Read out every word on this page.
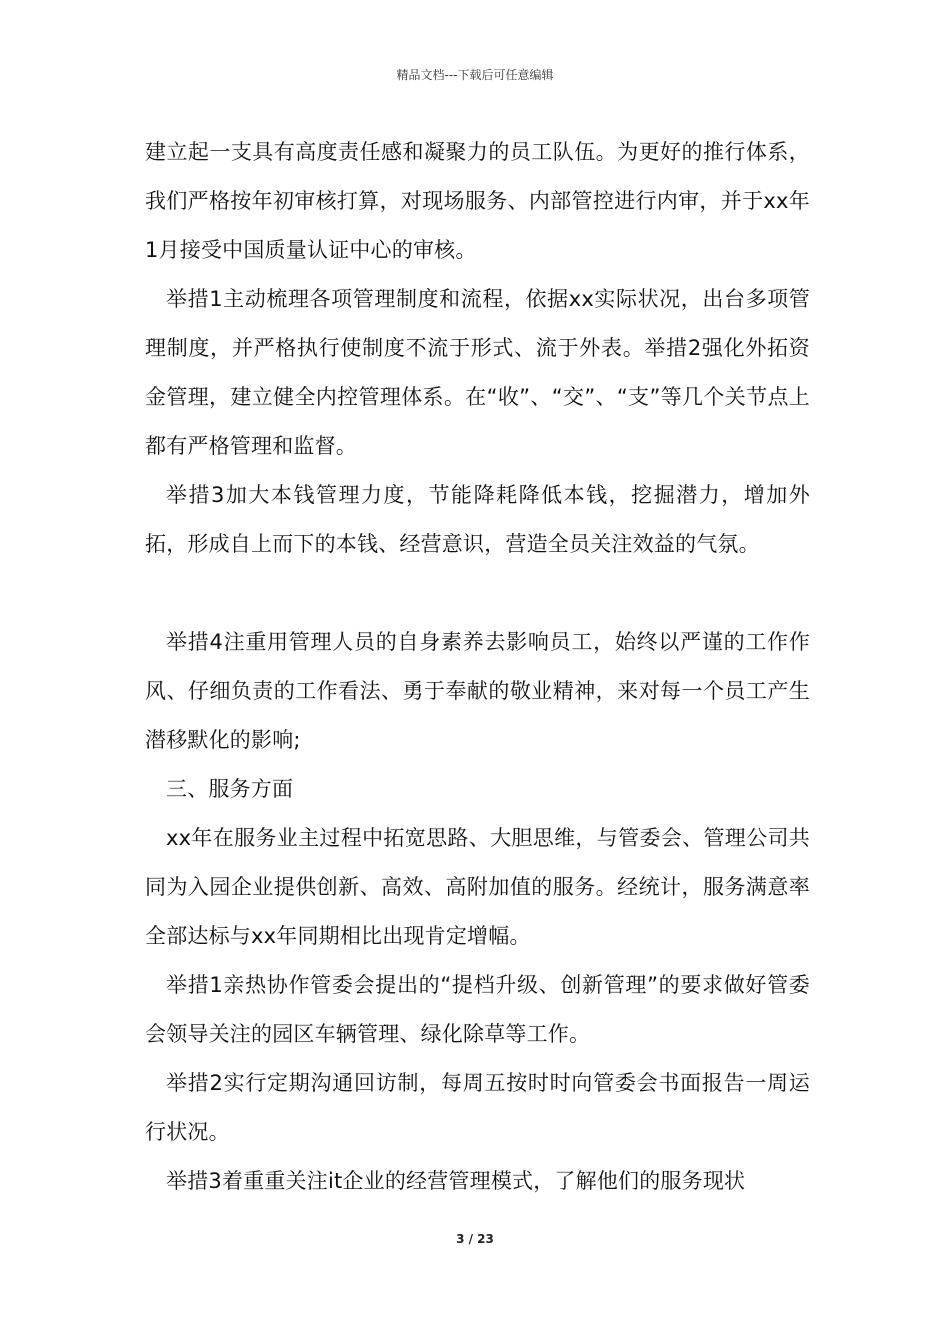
精品文档---下载后可任意编辑

建立起一支具有高度责任感和凝聚力的员工队伍。为更好的推行体系，我们严格按年初审核打算，对现场服务、内部管控进行内审，并于xx年1月接受中国质量认证中心的审核。

举措1主动梳理各项管理制度和流程，依据xx实际状况，出台多项管理制度，并严格执行使制度不流于形式、流于外表。举措2强化外拓资金管理，建立健全内控管理体系。在“收”、“交”、“支”等几个关节点上都有严格管理和监督。

举措3加大本钱管理力度，节能降耗降低本钱，挖掘潜力，增加外拓，形成自上而下的本钱、经营意识，营造全员关注效益的气氛。

举措4注重用管理人员的自身素养去影响员工，始终以严谨的工作作风、仔细负责的工作看法、勇于奉献的敬业精神，来对每一个员工产生潜移默化的影响;

三、服务方面

xx年在服务业主过程中拓宽思路、大胆思维，与管委会、管理公司共同为入园企业提供创新、高效、高附加值的服务。经统计，服务满意率全部达标与xx年同期相比出现肯定增幅。

举措1亲热协作管委会提出的“提档升级、创新管理”的要求做好管委会领导关注的园区车辆管理、绿化除草等工作。

举措2实行定期沟通回访制，每周五按时时向管委会书面报告一周运行状况。

举措3着重重关注it企业的经营管理模式，了解他们的服务现状

3 / 23
